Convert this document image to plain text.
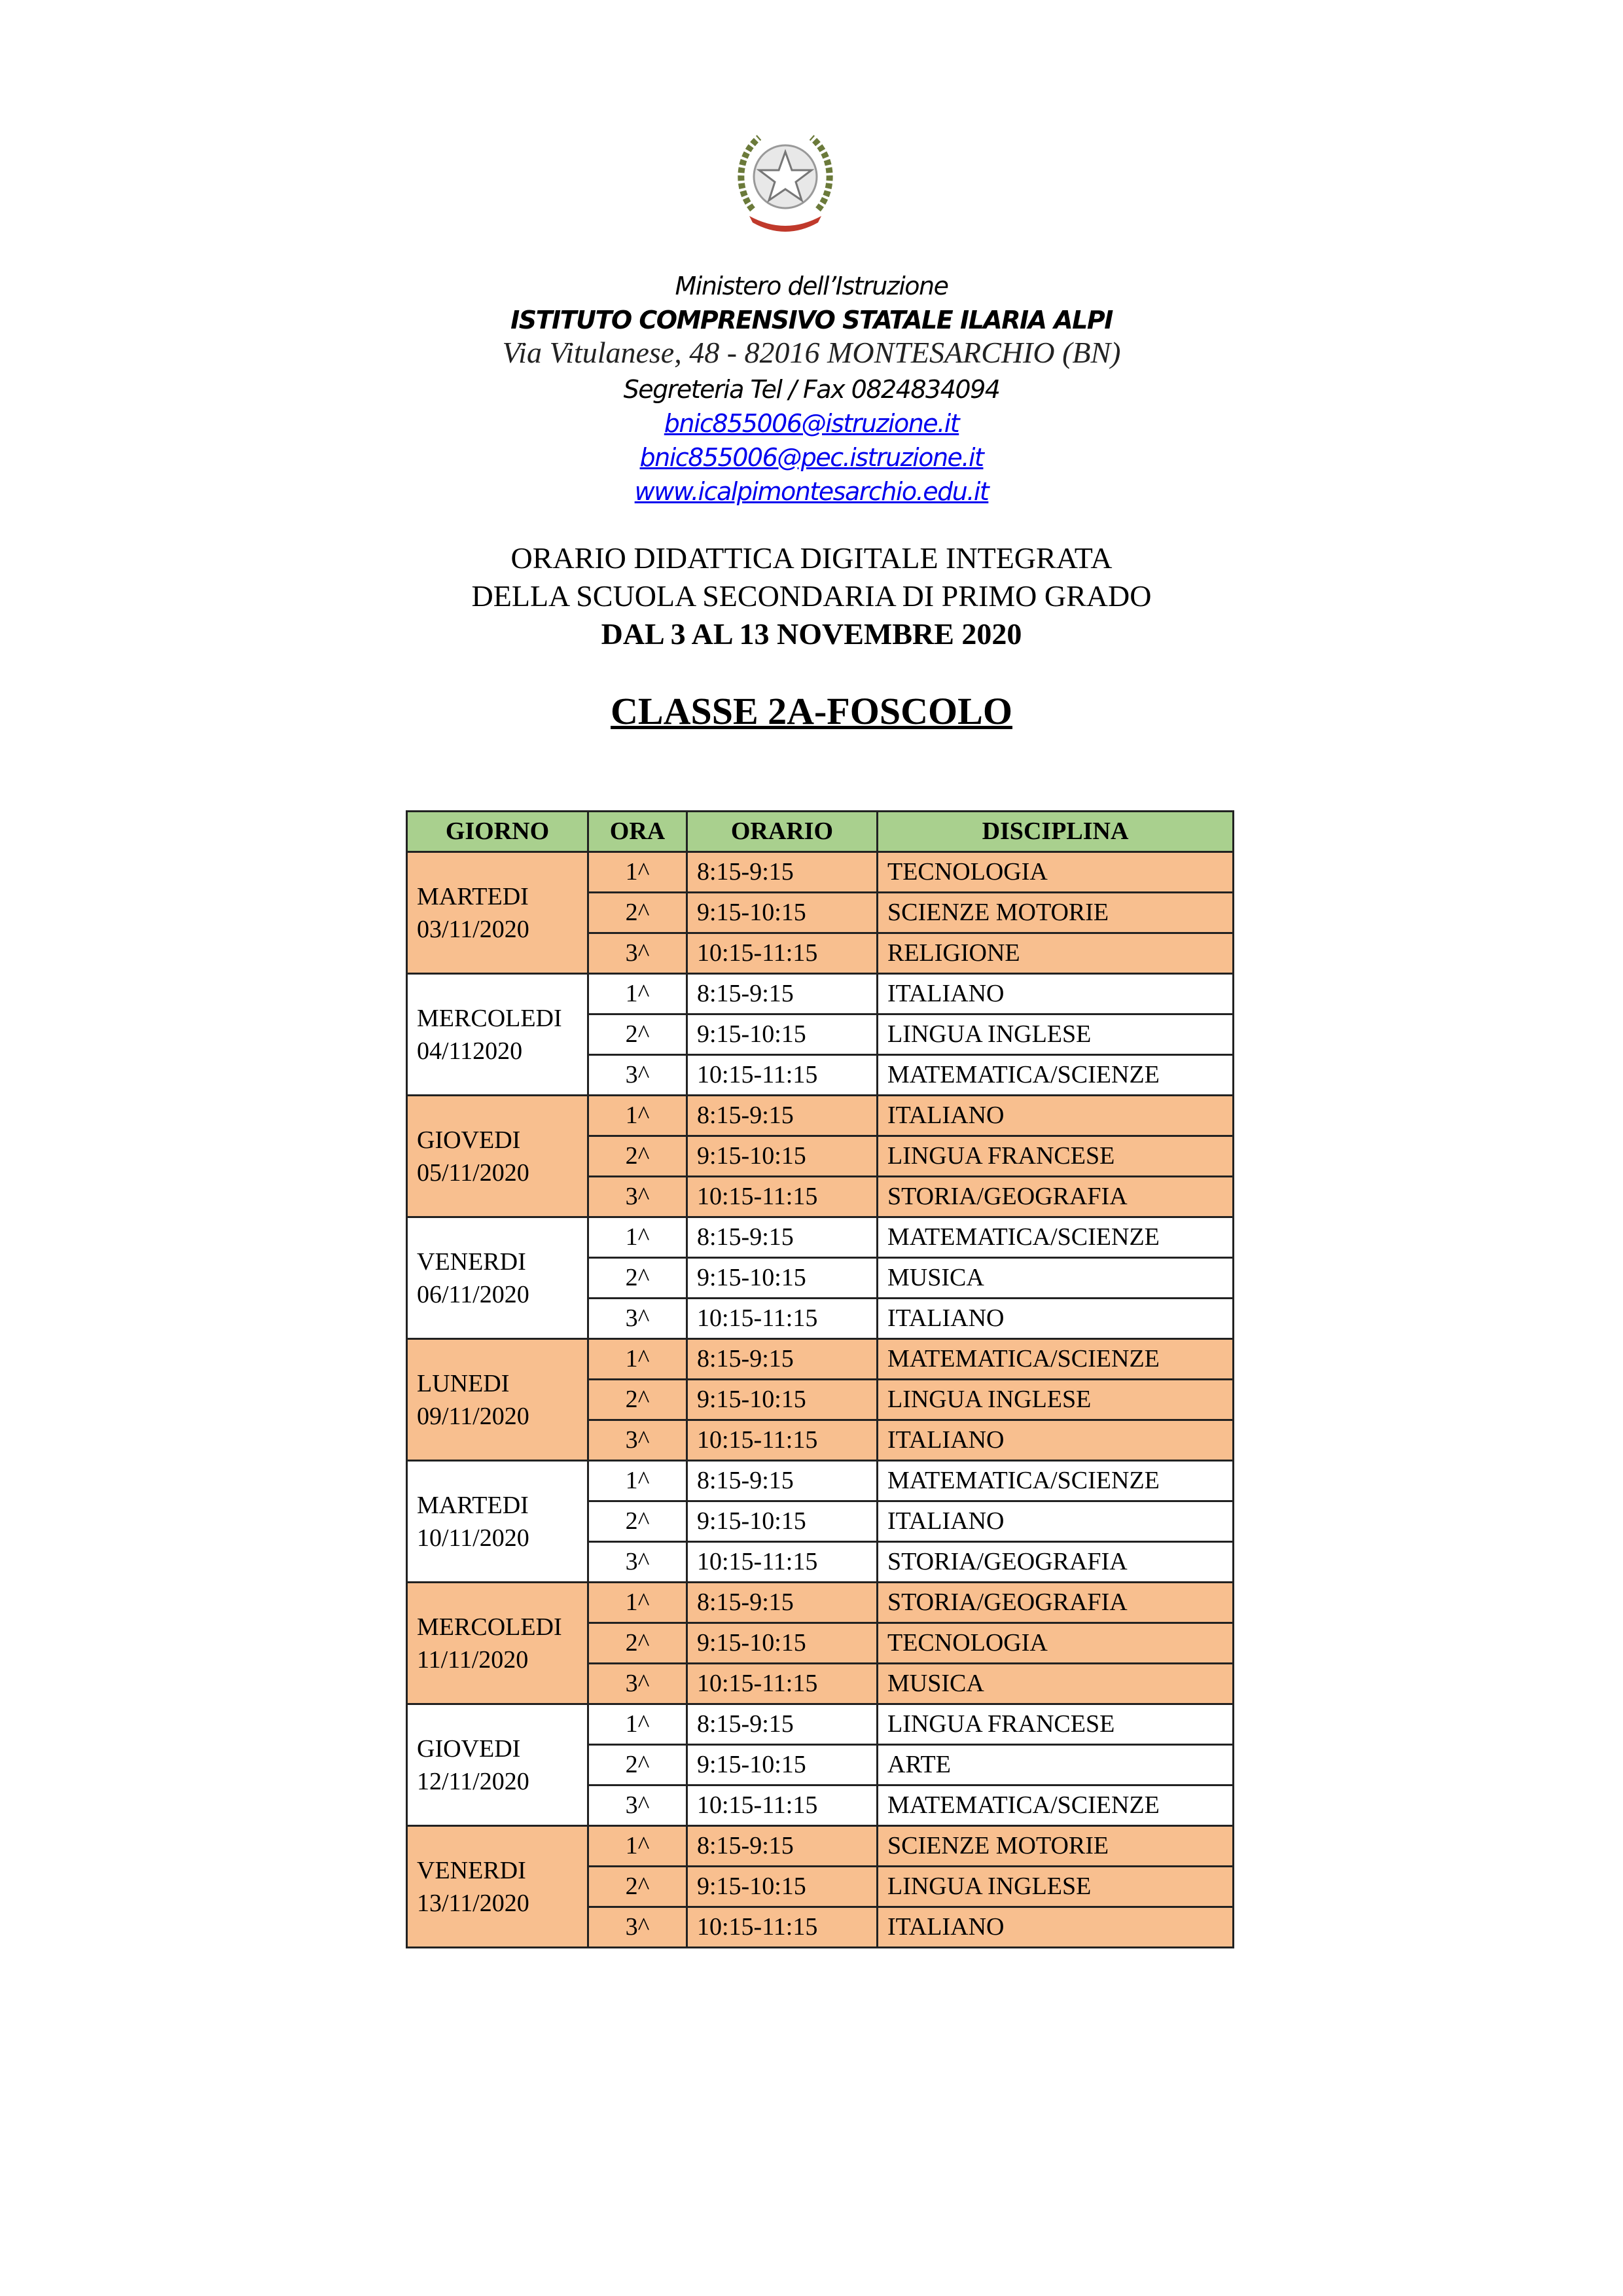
Ministero dell’Istruzione
ISTITUTO COMPRENSIVO STATALE ILARIA ALPI
Via Vitulanese, 48 - 82016 MONTESARCHIO (BN)
Segreteria Tel / Fax 0824834094
bnic855006@istruzione.it
bnic855006@pec.istruzione.it
www.icalpimontesarchio.edu.it
ORARIO DIDATTICA DIGITALE INTEGRATA
DELLA SCUOLA SECONDARIA DI PRIMO GRADO
DAL 3 AL 13 NOVEMBRE 2020
CLASSE 2A-FOSCOLO
GIORNO	ORA	ORARIO	DISCIPLINA
MARTEDI
03/11/2020	1^	8:15-9:15	TECNOLOGIA
	2^	9:15-10:15	SCIENZE MOTORIE
	3^	10:15-11:15	RELIGIONE
MERCOLEDI
04/112020	1^	8:15-9:15	ITALIANO
	2^	9:15-10:15	LINGUA INGLESE
	3^	10:15-11:15	MATEMATICA/SCIENZE
GIOVEDI
05/11/2020	1^	8:15-9:15	ITALIANO
	2^	9:15-10:15	LINGUA FRANCESE
	3^	10:15-11:15	STORIA/GEOGRAFIA
VENERDI
06/11/2020	1^	8:15-9:15	MATEMATICA/SCIENZE
	2^	9:15-10:15	MUSICA
	3^	10:15-11:15	ITALIANO
LUNEDI
09/11/2020	1^	8:15-9:15	MATEMATICA/SCIENZE
	2^	9:15-10:15	LINGUA INGLESE
	3^	10:15-11:15	ITALIANO
MARTEDI
10/11/2020	1^	8:15-9:15	MATEMATICA/SCIENZE
	2^	9:15-10:15	ITALIANO
	3^	10:15-11:15	STORIA/GEOGRAFIA
MERCOLEDI
11/11/2020	1^	8:15-9:15	STORIA/GEOGRAFIA
	2^	9:15-10:15	TECNOLOGIA
	3^	10:15-11:15	MUSICA
GIOVEDI
12/11/2020	1^	8:15-9:15	LINGUA FRANCESE
	2^	9:15-10:15	ARTE
	3^	10:15-11:15	MATEMATICA/SCIENZE
VENERDI
13/11/2020	1^	8:15-9:15	SCIENZE MOTORIE
	2^	9:15-10:15	LINGUA INGLESE
	3^	10:15-11:15	ITALIANO
